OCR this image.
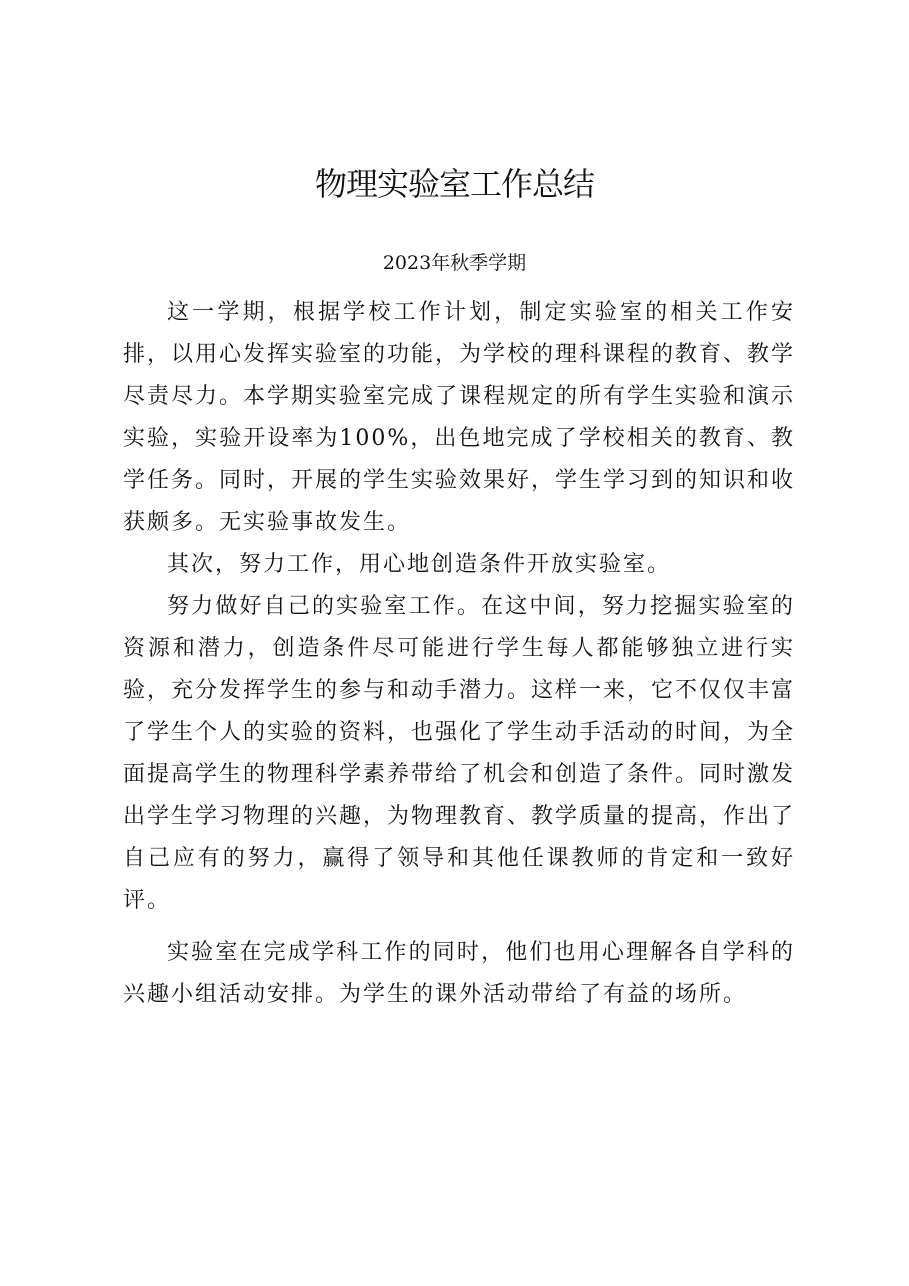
物理实验室工作总结
2023年秋季学期

这一学期，根据学校工作计划，制定实验室的相关工作安排，以用心发挥实验室的功能，为学校的理科课程的教育、教学尽责尽力。本学期实验室完成了课程规定的所有学生实验和演示实验，实验开设率为100%，出色地完成了学校相关的教育、教学任务。同时，开展的学生实验效果好，学生学习到的知识和收获颇多。无实验事故发生。

其次，努力工作，用心地创造条件开放实验室。

努力做好自己的实验室工作。在这中间，努力挖掘实验室的资源和潜力，创造条件尽可能进行学生每人都能够独立进行实验，充分发挥学生的参与和动手潜力。这样一来，它不仅仅丰富了学生个人的实验的资料，也强化了学生动手活动的时间，为全面提高学生的物理科学素养带给了机会和创造了条件。同时激发出学生学习物理的兴趣，为物理教育、教学质量的提高，作出了自己应有的努力，赢得了领导和其他任课教师的肯定和一致好评。

实验室在完成学科工作的同时，他们也用心理解各自学科的兴趣小组活动安排。为学生的课外活动带给了有益的场所。
